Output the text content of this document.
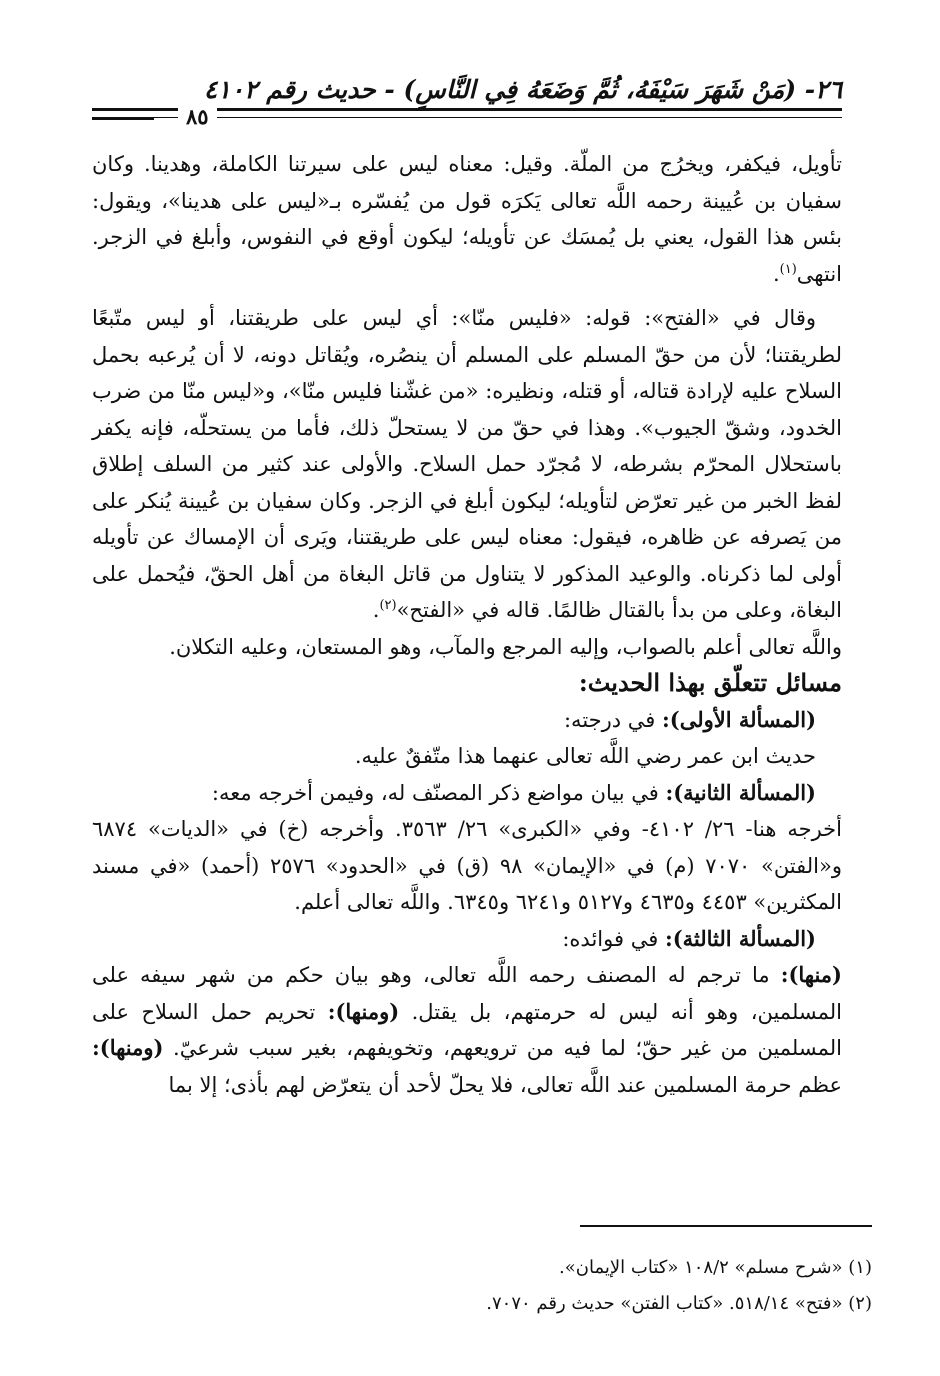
٢٦- (مَنْ شَهَرَ سَيْفَهُ، ثُمَّ وَضَعَهُ فِي النَّاسِ) - حديث رقم ٤١٠٢
٨٥

تأويل، فيكفر، ويخرُج من الملّة. وقيل: معناه ليس على سيرتنا الكاملة، وهدينا. وكان سفيان بن عُيينة رحمه اللَّه تعالى يَكرَه قول من يُفسّره بـ«ليس على هدينا»، ويقول: بئس هذا القول، يعني بل يُمسَك عن تأويله؛ ليكون أوقع في النفوس، وأبلغ في الزجر. انتهى$^{(١)}$.

وقال في «الفتح»: قوله: «فليس منّا»: أي ليس على طريقتنا، أو ليس متّبعًا لطريقتنا؛ لأن من حقّ المسلم على المسلم أن ينصُره، ويُقاتل دونه، لا أن يُرعبه بحمل السلاح عليه لإرادة قتاله، أو قتله، ونظيره: «من غشّنا فليس منّا»، و«ليس منّا من ضرب الخدود، وشقّ الجيوب». وهذا في حقّ من لا يستحلّ ذلك، فأما من يستحلّه، فإنه يكفر باستحلال المحرّم بشرطه، لا مُجرّد حمل السلاح. والأولى عند كثير من السلف إطلاق لفظ الخبر من غير تعرّض لتأويله؛ ليكون أبلغ في الزجر. وكان سفيان بن عُيينة يُنكر على من يَصرفه عن ظاهره، فيقول: معناه ليس على طريقتنا، ويَرى أن الإمساك عن تأويله أولى لما ذكرناه. والوعيد المذكور لا يتناول من قاتل البغاة من أهل الحقّ، فيُحمل على البغاة، وعلى من بدأ بالقتال ظالمًا. قاله في «الفتح»$^{(٢)}$.

واللَّه تعالى أعلم بالصواب، وإليه المرجع والمآب، وهو المستعان، وعليه التكلان.

مسائل تتعلّق بهذا الحديث:

(المسألة الأولى): في درجته:

حديث ابن عمر رضي اللَّه تعالى عنهما هذا متّفقٌ عليه.

(المسألة الثانية): في بيان مواضع ذكر المصنّف له، وفيمن أخرجه معه:

أخرجه هنا- ٢٦/ ٤١٠٢- وفي «الكبرى» ٢٦/ ٣٥٦٣. وأخرجه (خ) في «الديات» ٦٨٧٤ و«الفتن» ٧٠٧٠ (م) في «الإيمان» ٩٨ (ق) في «الحدود» ٢٥٧٦ (أحمد) «في مسند المكثرين» ٤٤٥٣ و٤٦٣٥ و٥١٢٧ و٦٢٤١ و٦٣٤٥. واللَّه تعالى أعلم.

(المسألة الثالثة): في فوائده:

(منها): ما ترجم له المصنف رحمه اللَّه تعالى، وهو بيان حكم من شهر سيفه على المسلمين، وهو أنه ليس له حرمتهم، بل يقتل. (ومنها): تحريم حمل السلاح على المسلمين من غير حقّ؛ لما فيه من ترويعهم، وتخويفهم، بغير سبب شرعيّ. (ومنها): عظم حرمة المسلمين عند اللَّه تعالى، فلا يحلّ لأحد أن يتعرّض لهم بأذى؛ إلا بما

(١) «شرح مسلم» ١٠٨/٢ «كتاب الإيمان».

(٢) «فتح» ٥١٨/١٤. «كتاب الفتن» حديث رقم ٧٠٧٠.
